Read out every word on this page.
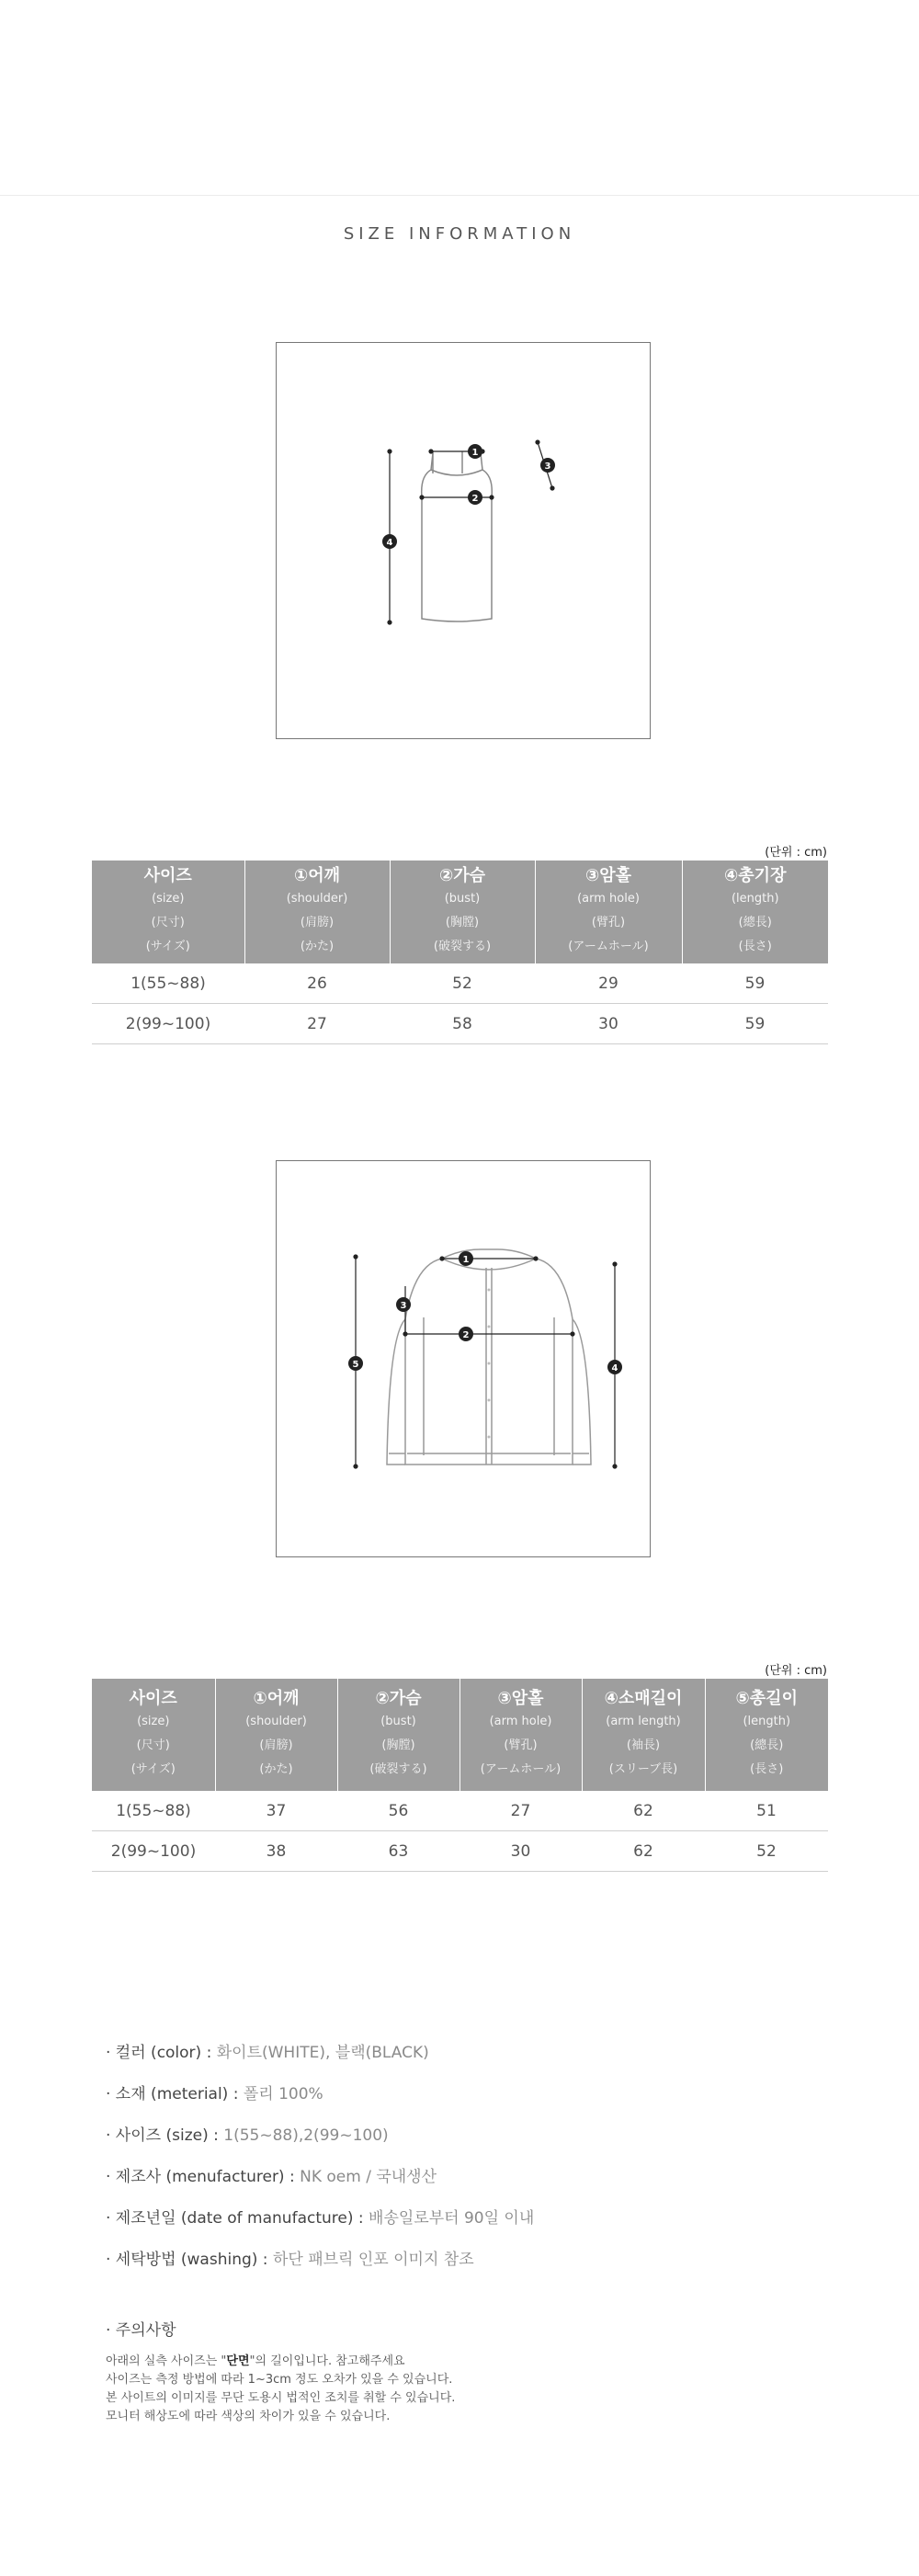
SIZE INFORMATION
1
2
3
4
(단위 : cm)
사이즈
(size)
(尺寸)
(サイズ)	①어깨
(shoulder)
(肩膀)
(かた)	②가슴
(bust)
(胸膛)
(破裂する)	③암홀
(arm hole)
(臂孔)
(アームホール)	④총기장
(length)
(總長)
(長さ)

1(55~88)	26	52	29	59
2(99~100)	27	58	30	59
1
2
3
4
5
(단위 : cm)
사이즈
(size)
(尺寸)
(サイズ)	①어깨
(shoulder)
(肩膀)
(かた)	②가슴
(bust)
(胸膛)
(破裂する)	③암홀
(arm hole)
(臂孔)
(アームホール)	④소매길이
(arm length)
(袖長)
(スリーブ長)	⑤총길이
(length)
(總長)
(長さ)

1(55~88)	37	56	27	62	51
2(99~100)	38	63	30	62	52
· 컬러 (color) : 화이트(WHITE), 블랙(BLACK)
· 소재 (meterial) : 폴리 100%
· 사이즈 (size) : 1(55~88),2(99~100)
· 제조사 (menufacturer) : NK oem / 국내생산
· 제조년일 (date of manufacture) : 배송일로부터 90일 이내
· 세탁방법 (washing) : 하단 패브릭 인포 이미지 참조
· 주의사항
아래의 실측 사이즈는 "단면"의 길이입니다. 참고해주세요
사이즈는 측정 방법에 따라 1~3cm 정도 오차가 있을 수 있습니다.
본 사이트의 이미지를 무단 도용시 법적인 조치를 취할 수 있습니다.
모니터 해상도에 따라 색상의 차이가 있을 수 있습니다.
